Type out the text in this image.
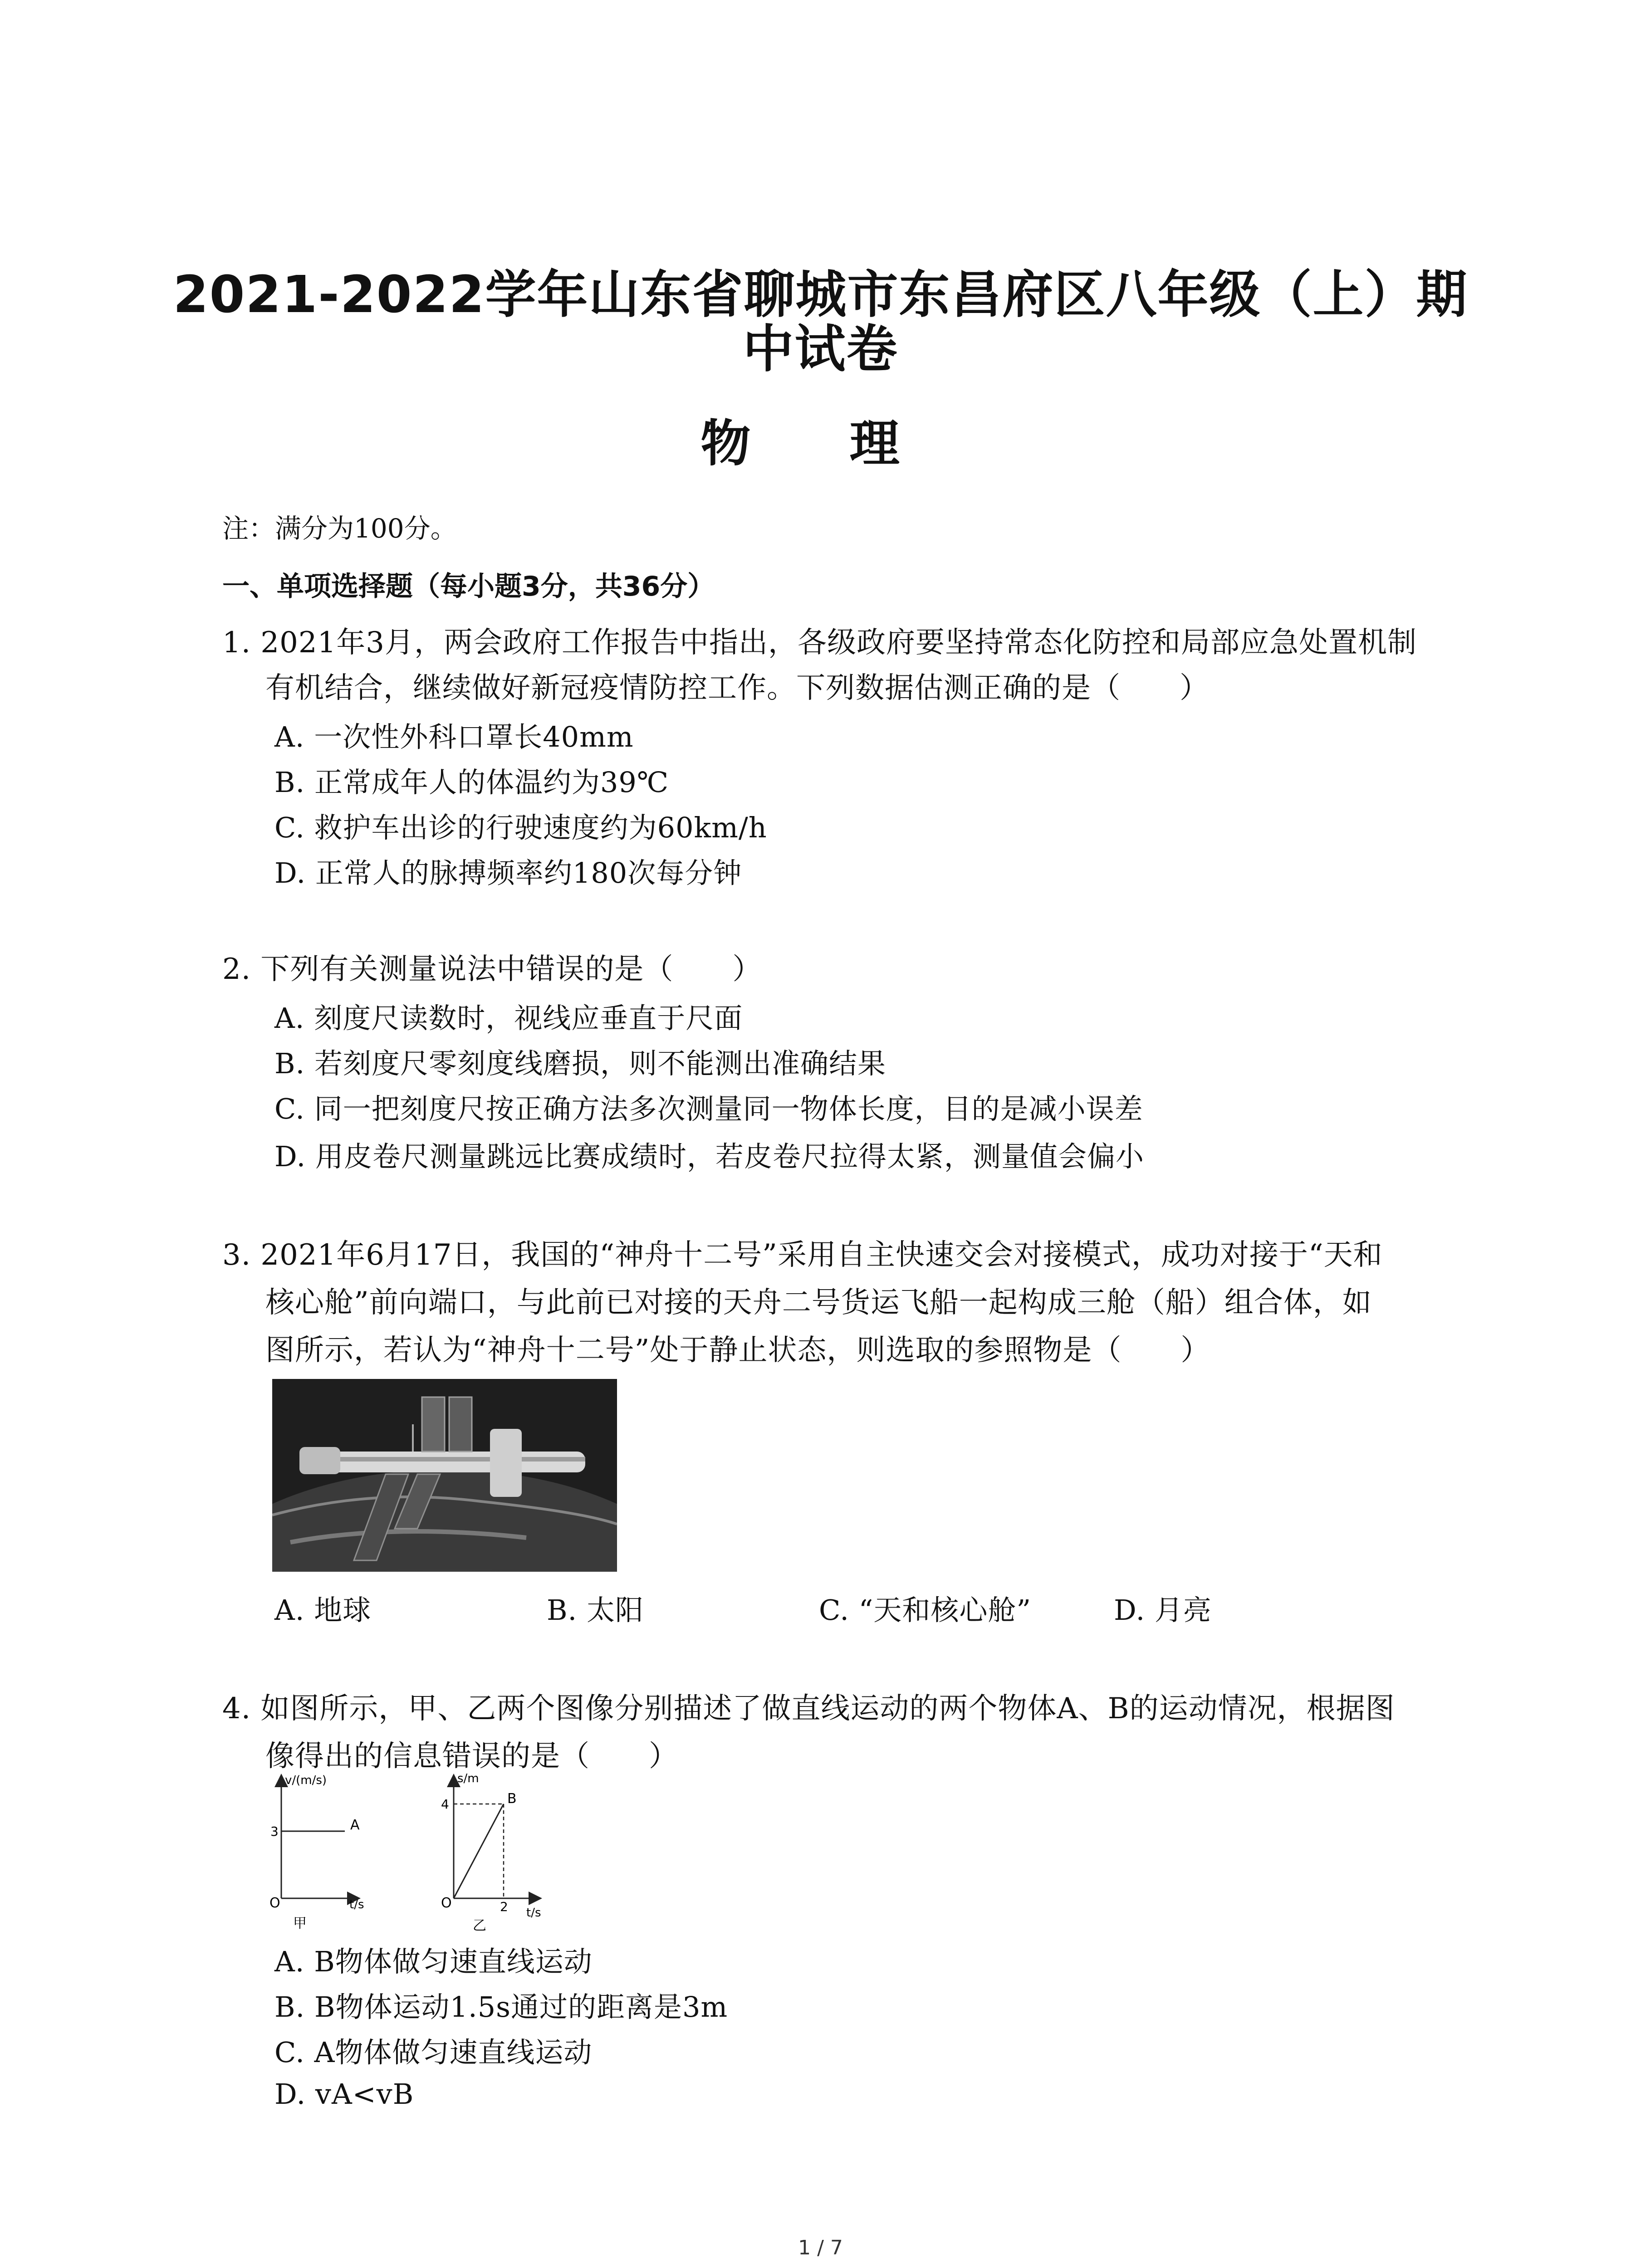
2021-2022学年山东省聊城市东昌府区八年级（上）期
中试卷
物 理
注：满分为100分。
一、单项选择题（每小题3分，共36分）
1. 2021年3月，两会政府工作报告中指出，各级政府要坚持常态化防控和局部应急处置机制
有机结合，继续做好新冠疫情防控工作。下列数据估测正确的是（　　）
A. 一次性外科口罩长40mm
B. 正常成年人的体温约为39℃
C. 救护车出诊的行驶速度约为60km/h
D. 正常人的脉搏频率约180次每分钟
2. 下列有关测量说法中错误的是（　　）
A. 刻度尺读数时，视线应垂直于尺面
B. 若刻度尺零刻度线磨损，则不能测出准确结果
C. 同一把刻度尺按正确方法多次测量同一物体长度，目的是减小误差
D. 用皮卷尺测量跳远比赛成绩时，若皮卷尺拉得太紧，测量值会偏小
3. 2021年6月17日，我国的“神舟十二号”采用自主快速交会对接模式，成功对接于“天和
核心舱”前向端口，与此前已对接的天舟二号货运飞船一起构成三舱（船）组合体，如
图所示，若认为“神舟十二号”处于静止状态，则选取的参照物是（　　）
A. 地球	B. 太阳	C. “天和核心舱”	D. 月亮
4. 如图所示，甲、乙两个图像分别描述了做直线运动的两个物体A、B的运动情况，根据图
像得出的信息错误的是（　　）
v/(m/s)
3	A
O	t/s
甲
s/m
4	B
O	2 t/s
乙
A. B物体做匀速直线运动
B. B物体运动1.5s通过的距离是3m
C. A物体做匀速直线运动
D. vA<vB
1 / 7
